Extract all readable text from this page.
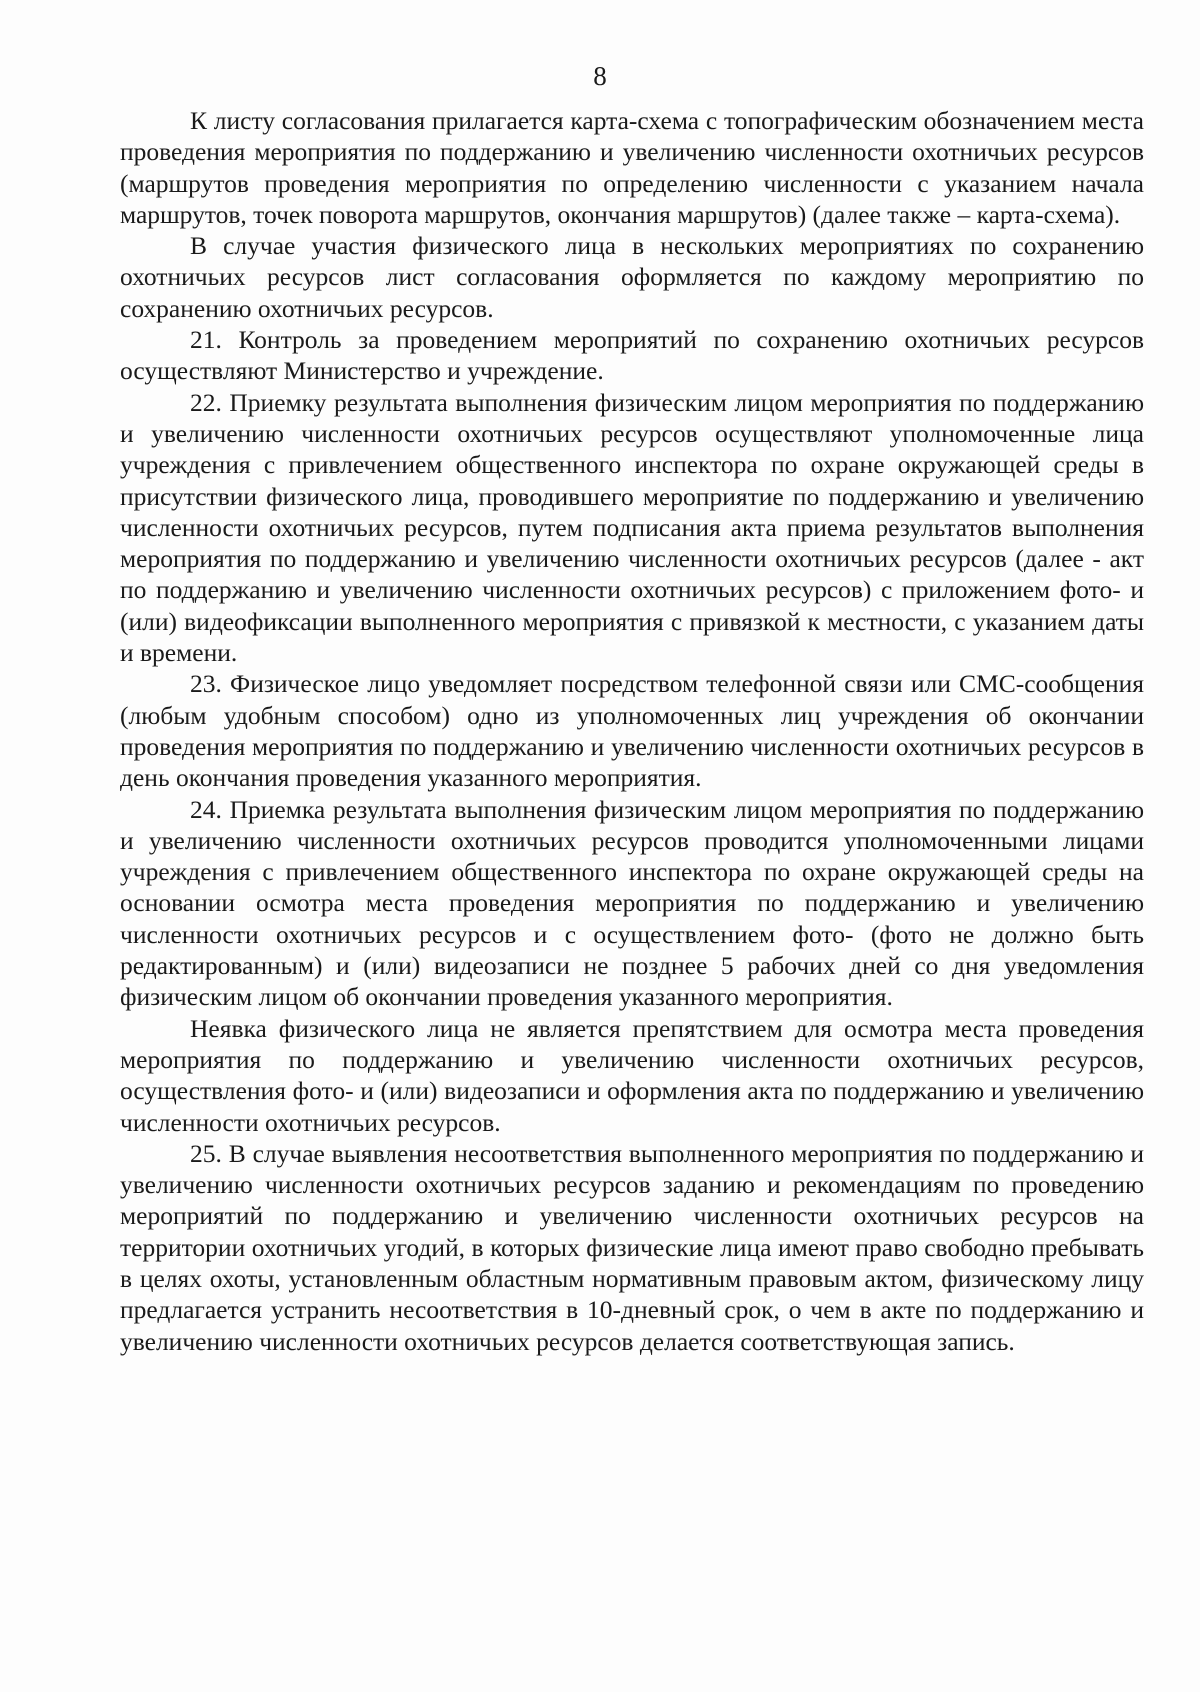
8

К листу согласования прилагается карта-схема с топографическим обозначением места проведения мероприятия по поддержанию и увеличению численности охотничьих ресурсов (маршрутов проведения мероприятия по определению численности с указанием начала маршрутов, точек поворота маршрутов, окончания маршрутов) (далее также – карта-схема).

В случае участия физического лица в нескольких мероприятиях по сохранению охотничьих ресурсов лист согласования оформляется по каждому мероприятию по сохранению охотничьих ресурсов.

21. Контроль за проведением мероприятий по сохранению охотничьих ресурсов осуществляют Министерство и учреждение.

22. Приемку результата выполнения физическим лицом мероприятия по поддержанию и увеличению численности охотничьих ресурсов осуществляют уполномоченные лица учреждения с привлечением общественного инспектора по охране окружающей среды в присутствии физического лица, проводившего мероприятие по поддержанию и увеличению численности охотничьих ресурсов, путем подписания акта приема результатов выполнения мероприятия по поддержанию и увеличению численности охотничьих ресурсов (далее - акт по поддержанию и увеличению численности охотничьих ресурсов) с приложением фото- и (или) видеофиксации выполненного мероприятия с привязкой к местности, с указанием даты и времени.

23. Физическое лицо уведомляет посредством телефонной связи или СМС-сообщения (любым удобным способом) одно из уполномоченных лиц учреждения об окончании проведения мероприятия по поддержанию и увеличению численности охотничьих ресурсов в день окончания проведения указанного мероприятия.

24. Приемка результата выполнения физическим лицом мероприятия по поддержанию и увеличению численности охотничьих ресурсов проводится уполномоченными лицами учреждения с привлечением общественного инспектора по охране окружающей среды на основании осмотра места проведения мероприятия по поддержанию и увеличению численности охотничьих ресурсов и с осуществлением фото- (фото не должно быть редактированным) и (или) видеозаписи не позднее 5 рабочих дней со дня уведомления физическим лицом об окончании проведения указанного мероприятия.

Неявка физического лица не является препятствием для осмотра места проведения мероприятия по поддержанию и увеличению численности охотничьих ресурсов, осуществления фото- и (или) видеозаписи и оформления акта по поддержанию и увеличению численности охотничьих ресурсов.

25. В случае выявления несоответствия выполненного мероприятия по поддержанию и увеличению численности охотничьих ресурсов заданию и рекомендациям по проведению мероприятий по поддержанию и увеличению численности охотничьих ресурсов на территории охотничьих угодий, в которых физические лица имеют право свободно пребывать в целях охоты, установленным областным нормативным правовым актом, физическому лицу предлагается устранить несоответствия в 10-дневный срок, о чем в акте по поддержанию и увеличению численности охотничьих ресурсов делается соответствующая запись.
